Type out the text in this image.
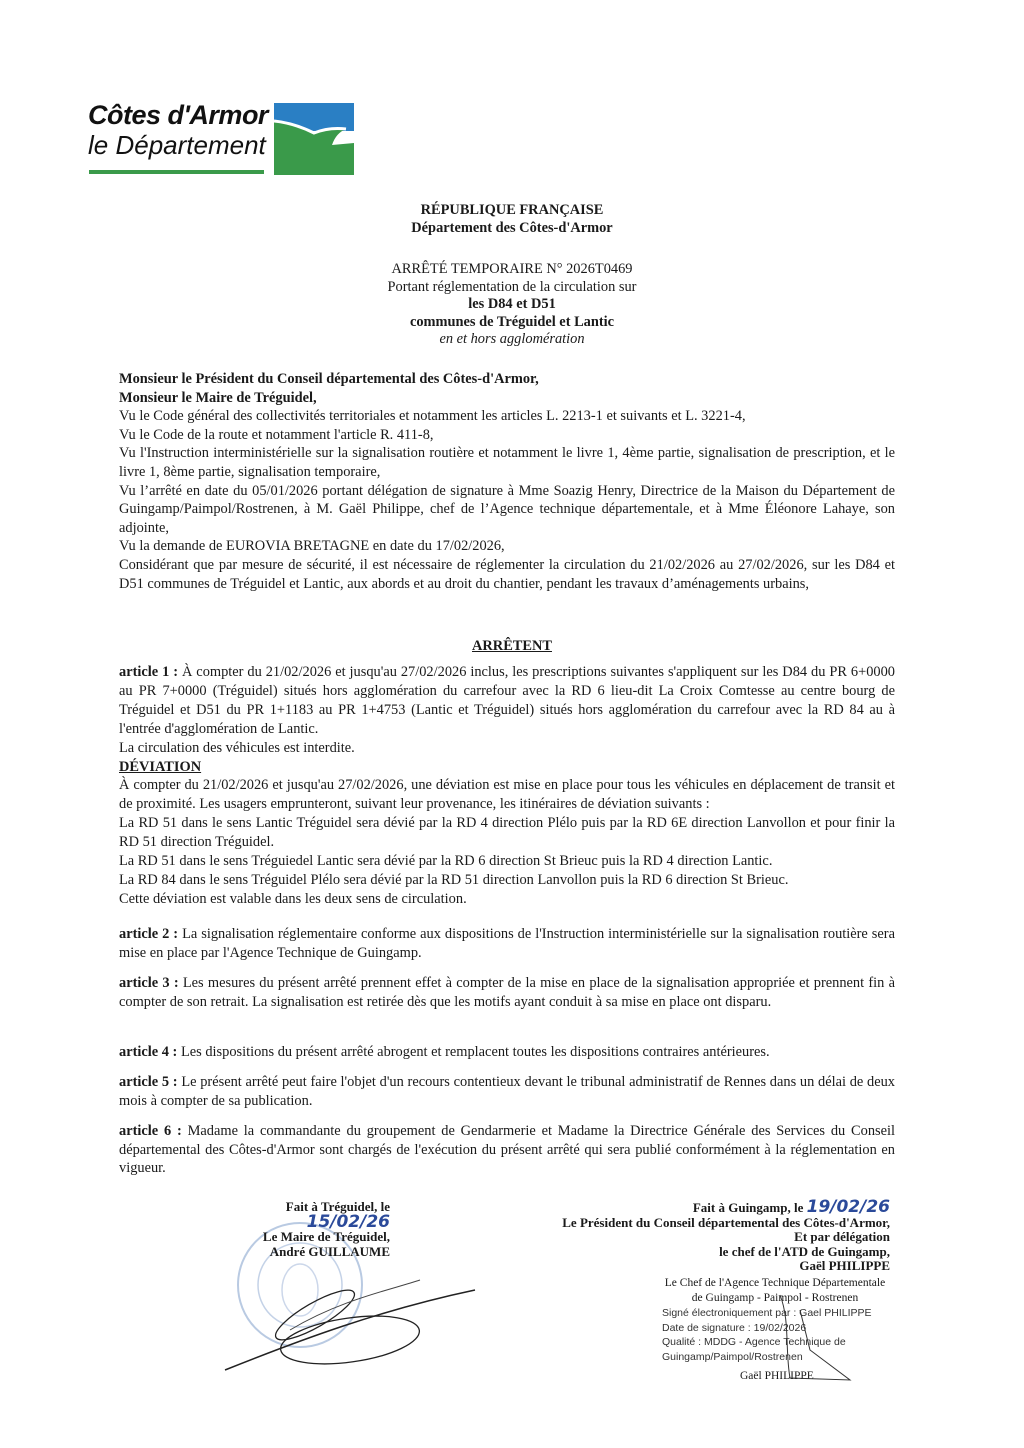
Côtes d'Armor
le Département
RÉPUBLIQUE FRANÇAISE
Département des Côtes-d'Armor
ARRÊTÉ TEMPORAIRE N° 2026T0469
Portant réglementation de la circulation sur
les D84 et D51
communes de Tréguidel et Lantic
en et hors agglomération

Monsieur le Président du Conseil départemental des Côtes-d'Armor,

Monsieur le Maire de Tréguidel,

Vu le Code général des collectivités territoriales et notamment les articles L. 2213-1 et suivants et L. 3221-4,

Vu le Code de la route et notamment l'article R. 411-8,

Vu l'Instruction interministérielle sur la signalisation routière et notamment le livre 1, 4ème partie, signalisation de prescription, et le livre 1, 8ème partie, signalisation temporaire,

Vu l’arrêté en date du 05/01/2026 portant délégation de signature à Mme Soazig Henry, Directrice de la Maison du Département de Guingamp/Paimpol/Rostrenen, à M. Gaël Philippe, chef de l’Agence technique départementale, et à Mme Éléonore Lahaye, son adjointe,

Vu la demande de EUROVIA BRETAGNE en date du 17/02/2026,

Considérant que par mesure de sécurité, il est nécessaire de réglementer la circulation du 21/02/2026 au 27/02/2026, sur les D84 et D51 communes de Tréguidel et Lantic, aux abords et au droit du chantier, pendant les travaux d’aménagements urbains,

ARRÊTENT

article 1 : À compter du 21/02/2026 et jusqu'au 27/02/2026 inclus, les prescriptions suivantes s'appliquent sur les D84 du PR 6+0000 au PR 7+0000 (Tréguidel) situés hors agglomération du carrefour avec la RD 6 lieu-dit La Croix Comtesse au centre bourg de Tréguidel et D51 du PR 1+1183 au PR 1+4753 (Lantic et Tréguidel) situés hors agglomération du carrefour avec la RD 84 au à l'entrée d'agglomération de Lantic.

La circulation des véhicules est interdite.

DÉVIATION

À compter du 21/02/2026 et jusqu'au 27/02/2026, une déviation est mise en place pour tous les véhicules en déplacement de transit et de proximité. Les usagers emprunteront, suivant leur provenance, les itinéraires de déviation suivants :

La RD 51 dans le sens Lantic Tréguidel sera dévié par la RD 4 direction Plélo puis par la RD 6E direction Lanvollon et pour finir la RD 51 direction Tréguidel.

La RD 51 dans le sens Tréguiedel Lantic sera dévié par la RD 6 direction St Brieuc puis la RD 4 direction Lantic.

La RD 84 dans le sens Tréguidel Plélo sera dévié par la RD 51 direction Lanvollon puis la RD 6 direction St Brieuc.

Cette déviation est valable dans les deux sens de circulation.

article 2 : La signalisation réglementaire conforme aux dispositions de l'Instruction interministérielle sur la signalisation routière sera mise en place par l'Agence Technique de Guingamp.

article 3 : Les mesures du présent arrêté prennent effet à compter de la mise en place de la signalisation appropriée et prennent fin à compter de son retrait. La signalisation est retirée dès que les motifs ayant conduit à sa mise en place ont disparu.

article 4 : Les dispositions du présent arrêté abrogent et remplacent toutes les dispositions contraires antérieures.

article 5 : Le présent arrêté peut faire l'objet d'un recours contentieux devant le tribunal administratif de Rennes dans un délai de deux mois à compter de sa publication.

article 6 : Madame la commandante du groupement de Gendarmerie et Madame la Directrice Générale des Services du Conseil départemental des Côtes-d'Armor sont chargés de l'exécution du présent arrêté qui sera publié conformément à la réglementation en vigueur.

Fait à Tréguidel, le 15/02/26
Le Maire de Tréguidel,
André GUILLAUME
Fait à Guingamp, le 19/02/26
Le Président du Conseil départemental des Côtes-d'Armor,
Et par délégation
le chef de l'ATD de Guingamp,
Gaël PHILIPPE
Le Chef de l'Agence Technique Départementale
de Guingamp - Paimpol - Rostrenen
Signé électroniquement par : Gael PHILIPPE
Date de signature : 19/02/2026
Qualité : MDDG - Agence Technique de
Guingamp/Paimpol/Rostrenen
Gaël PHILIPPE
